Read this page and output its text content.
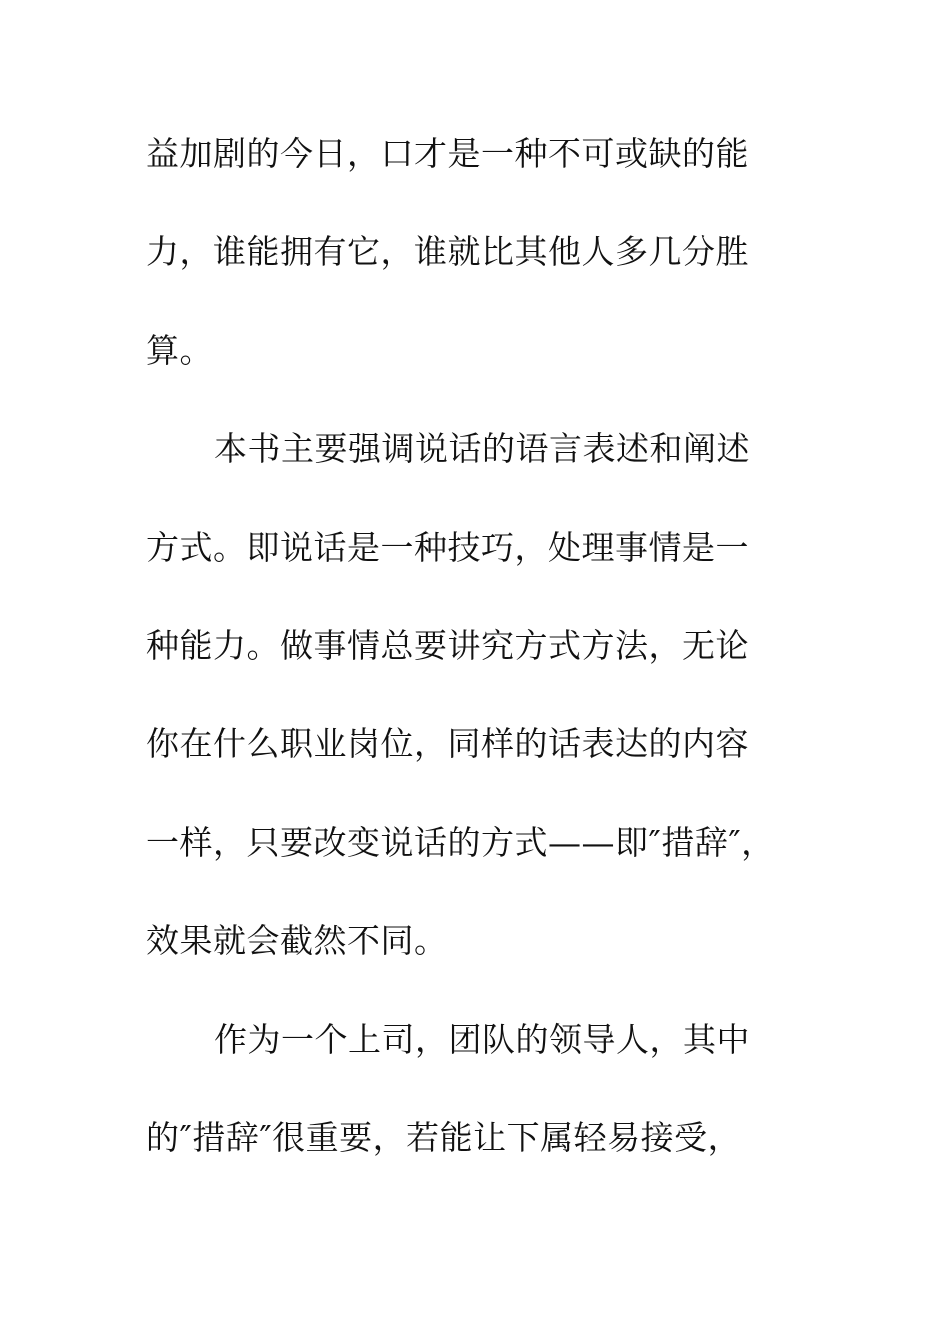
益加剧的今日，口才是一种不可或缺的能
力，谁能拥有它，谁就比其他人多几分胜
算。
本书主要强调说话的语言表述和阐述
方式。即说话是一种技巧，处理事情是一
种能力。做事情总要讲究方式方法，无论
你在什么职业岗位，同样的话表达的内容
一样，只要改变说话的方式——即″措辞″，
效果就会截然不同。
作为一个上司，团队的领导人，其中
的″措辞″很重要，若能让下属轻易接受，
